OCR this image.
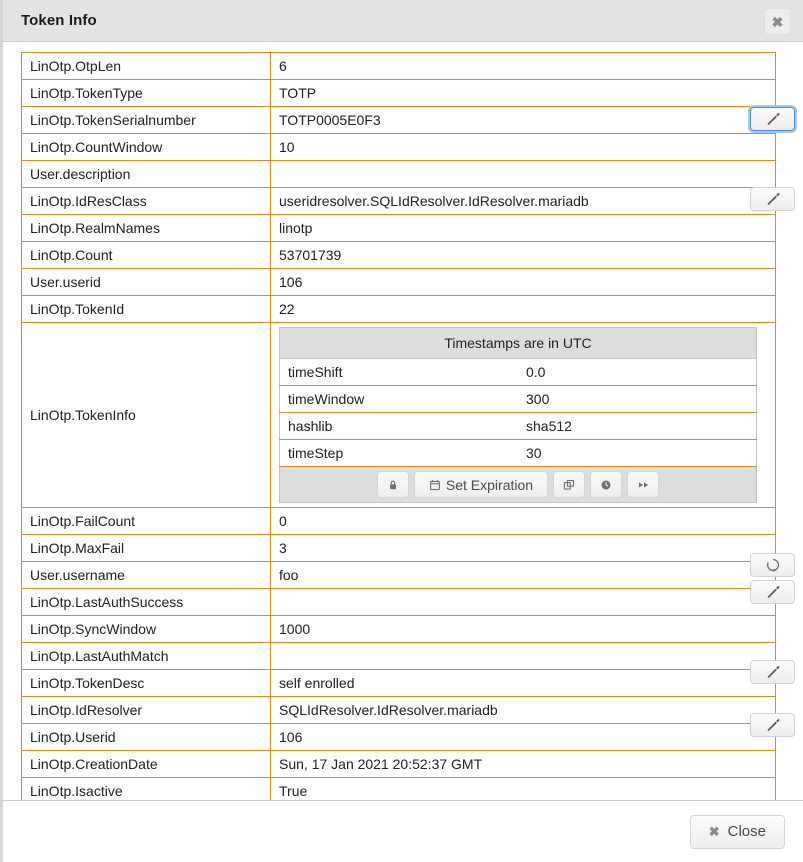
Token Info	✖
LinOtp.OtpLen	6
LinOtp.TokenType	TOTP
LinOtp.TokenSerialnumber	TOTP0005E0F3
LinOtp.CountWindow	10
User.description	
LinOtp.IdResClass	useridresolver.SQLIdResolver.IdResolver.mariadb
LinOtp.RealmNames	linotp
LinOtp.Count	53701739
User.userid	106
LinOtp.TokenId	22
LinOtp.TokenInfo	
Timestamps are in UTC
timeShift	0.0
timeWindow	300
hashlib	sha512
timeStep	30

Set Expiration

LinOtp.FailCount	0
LinOtp.MaxFail	3
User.username	foo
LinOtp.LastAuthSuccess	
LinOtp.SyncWindow	1000
LinOtp.LastAuthMatch	
LinOtp.TokenDesc	self enrolled
LinOtp.IdResolver	SQLIdResolver.IdResolver.mariadb
LinOtp.Userid	106
LinOtp.CreationDate	Sun, 17 Jan 2021 20:52:37 GMT
LinOtp.Isactive	True
✖ Close
